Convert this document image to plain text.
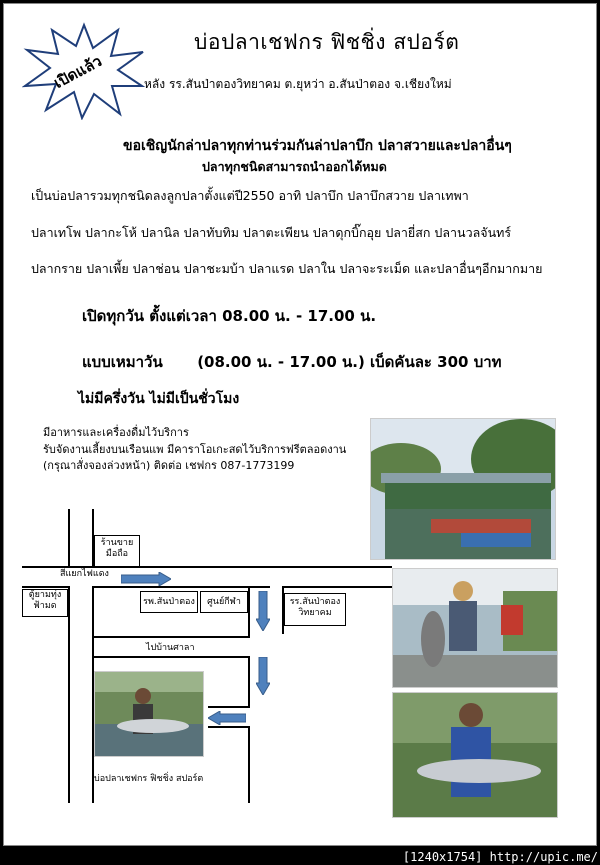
เปิดแล้ว
บ่อปลาเชฟกร ฟิชชิ่ง สปอร์ต
หลัง รร.สันป่าตองวิทยาคม ต.ยุหว่า อ.สันป่าตอง จ.เชียงใหม่
ขอเชิญนักล่าปลาทุกท่านร่วมกันล่าปลาบึก ปลาสวายและปลาอื่นๆ
ปลาทุกชนิดสามารถนำออกได้หมด
เป็นบ่อปลารวมทุกชนิดลงลูกปลาตั้งแต่ปี2550 อาทิ ปลาบึก ปลาบึกสวาย ปลาเทพา
ปลาเทโพ ปลากะโห้ ปลานิล ปลาทับทิม ปลาตะเพียน ปลาดุกบิ๊กอุย ปลายี่สก ปลานวลจันทร์
ปลากราย ปลาเพี้ย ปลาช่อน ปลาชะมบ้า ปลาแรด ปลาใน ปลาจะระเม็ด และปลาอื่นๆอีกมากมาย
เปิดทุกวัน ตั้งแต่เวลา 08.00 น. - 17.00 น.
แบบเหมาวัน (08.00 น. - 17.00 น.) เบ็ดคันละ 300 บาท
ไม่มีครึ่งวัน ไม่มีเป็นชั่วโมง
มีอาหารและเครื่องดื่มไว้บริการ
รับจัดงานเลี้ยงบนเรือนแพ มีคาราโอเกะสดไว้บริการฟรีตลอดงาน
(กรุณาสั่งจองล่วงหน้า) ติดต่อ เชฟกร 087-1773199
ร้านขาย
มือถือ
ตู้ยามทุ่ง
ฟ้ามด
สี่แยกไฟแดง
รพ.สันป่าตอง	ศูนย์กีฬา	รร.สันป่าตอง
วิทยาคม
ไปบ้านศาลา
บ่อปลาเชฟกร ฟิชชิ่ง สปอร์ต
[1240x1754] http://upic.me/
